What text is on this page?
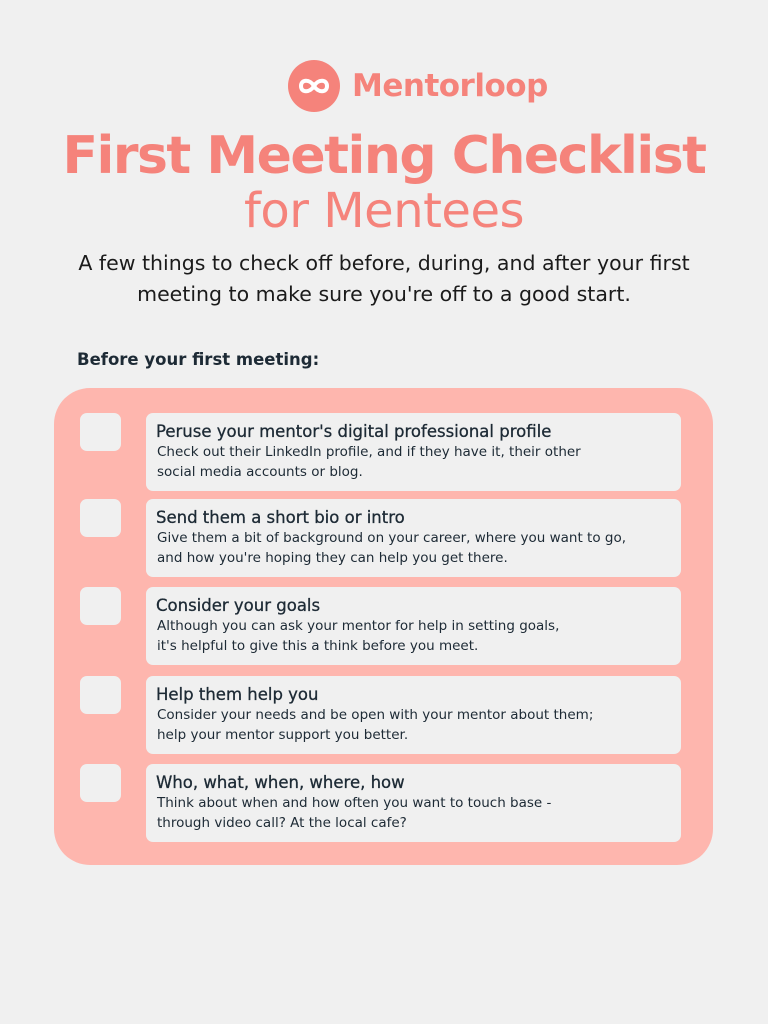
Mentorloop
First Meeting Checklist
for Mentees

A few things to check off before, during, and after your first meeting to make sure you're off to a good start.

Before your first meeting:
Peruse your mentor's digital professional profile
Check out their LinkedIn profile, and if they have it, their other
social media accounts or blog.
Send them a short bio or intro
Give them a bit of background on your career, where you want to go,
and how you're hoping they can help you get there.
Consider your goals
Although you can ask your mentor for help in setting goals,
it's helpful to give this a think before you meet.
Help them help you
Consider your needs and be open with your mentor about them;
help your mentor support you better.
Who, what, when, where, how
Think about when and how often you want to touch base -
through video call? At the local cafe?
